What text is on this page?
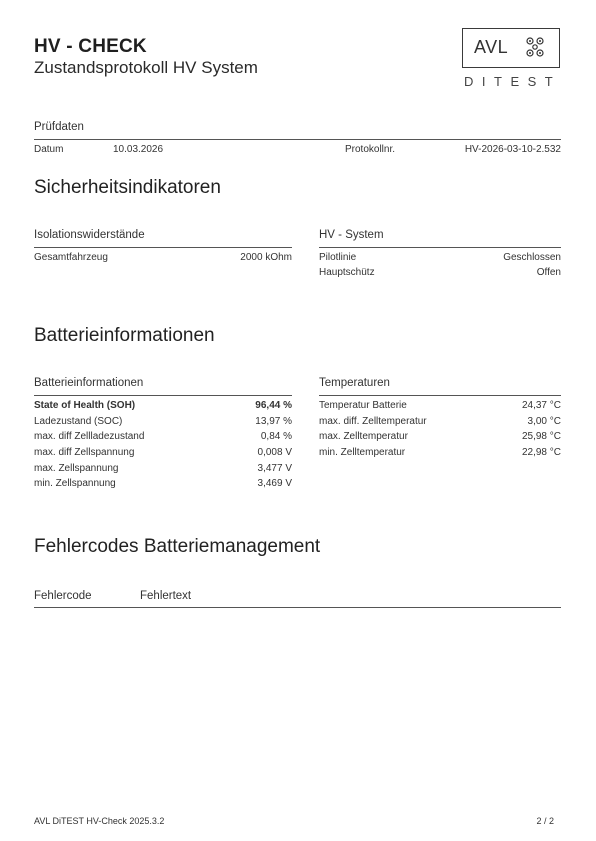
HV - CHECK
Zustandsprotokoll HV System
AVL
DITEST
Prüfdaten
Datum	10.03.2026	Protokollnr.	HV-2026-03-10-2.532
Sicherheitsindikatoren
Isolationswiderstände
Gesamtfahrzeug	2000 kOhm
HV - System
Pilotlinie	Geschlossen
Hauptschütz	Offen
Batterieinformationen
Batterieinformationen
State of Health (SOH)	96,44 %
Ladezustand (SOC)	13,97 %
max. diff Zellladezustand	0,84 %
max. diff Zellspannung	0,008 V
max. Zellspannung	3,477 V
min. Zellspannung	3,469 V
Temperaturen
Temperatur Batterie	24,37 °C
max. diff. Zelltemperatur	3,00 °C
max. Zelltemperatur	25,98 °C
min. Zelltemperatur	22,98 °C
Fehlercodes Batteriemanagement
Fehlercode	Fehlertext
AVL DiTEST HV-Check 2025.3.2	2 / 2
